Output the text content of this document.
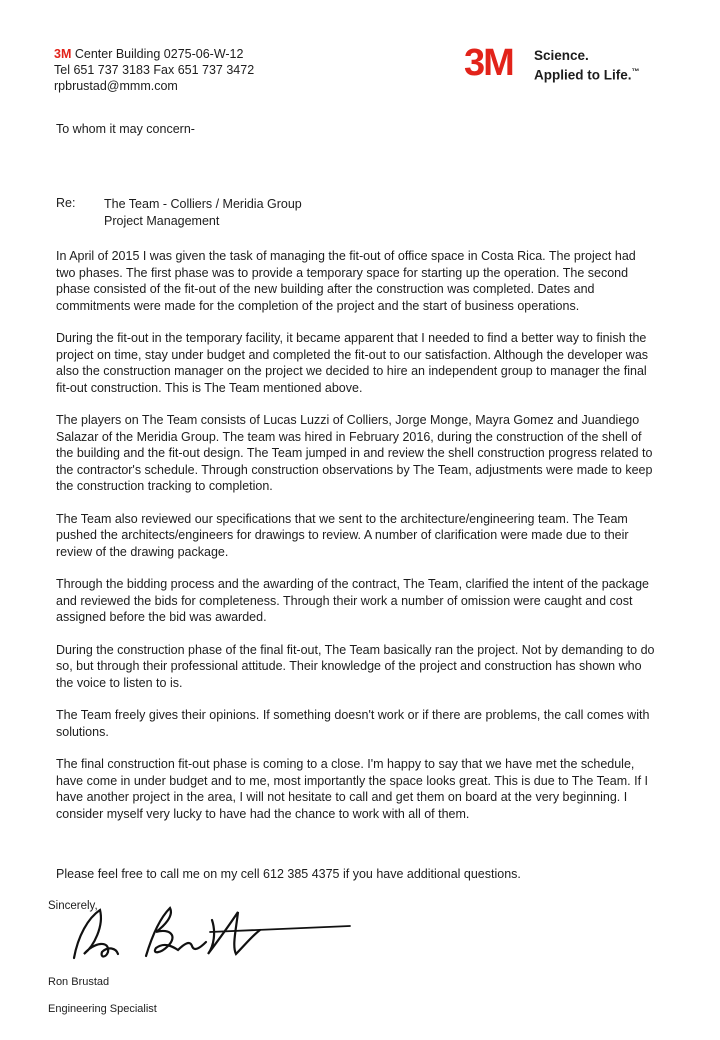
3M Center Building 0275-06-W-12
Tel 651 737 3183 Fax 651 737 3472
rpbrustad@mmm.com
3M Science.
Applied to Life.™
To whom it may concern-
Re: The Team - Colliers / Meridia Group
Project Management

In April of 2015 I was given the task of managing the fit-out of office space in Costa Rica. The project had two phases. The first phase was to provide a temporary space for starting up the operation. The second phase consisted of the fit-out of the new building after the construction was completed. Dates and commitments were made for the completion of the project and the start of business operations.

During the fit-out in the temporary facility, it became apparent that I needed to find a better way to finish the project on time, stay under budget and completed the fit-out to our satisfaction. Although the developer was also the construction manager on the project we decided to hire an independent group to manager the final fit-out construction. This is The Team mentioned above.

The players on The Team consists of Lucas Luzzi of Colliers, Jorge Monge, Mayra Gomez and Juandiego Salazar of the Meridia Group. The team was hired in February 2016, during the construction of the shell of the building and the fit-out design. The Team jumped in and review the shell construction progress related to the contractor's schedule. Through construction observations by The Team, adjustments were made to keep the construction tracking to completion.

The Team also reviewed our specifications that we sent to the architecture/engineering team. The Team pushed the architects/engineers for drawings to review. A number of clarification were made due to their review of the drawing package.

Through the bidding process and the awarding of the contract, The Team, clarified the intent of the package and reviewed the bids for completeness. Through their work a number of omission were caught and cost assigned before the bid was awarded.

During the construction phase of the final fit-out, The Team basically ran the project. Not by demanding to do so, but through their professional attitude. Their knowledge of the project and construction has shown who the voice to listen to is.

The Team freely gives their opinions. If something doesn't work or if there are problems, the call comes with solutions.

The final construction fit-out phase is coming to a close. I'm happy to say that we have met the schedule, have come in under budget and to me, most importantly the space looks great. This is due to The Team. If I have another project in the area, I will not hesitate to call and get them on board at the very beginning. I consider myself very lucky to have had the chance to work with all of them.

Please feel free to call me on my cell 612 385 4375 if you have additional questions.
Sincerely,
Ron Brustad
Engineering Specialist
